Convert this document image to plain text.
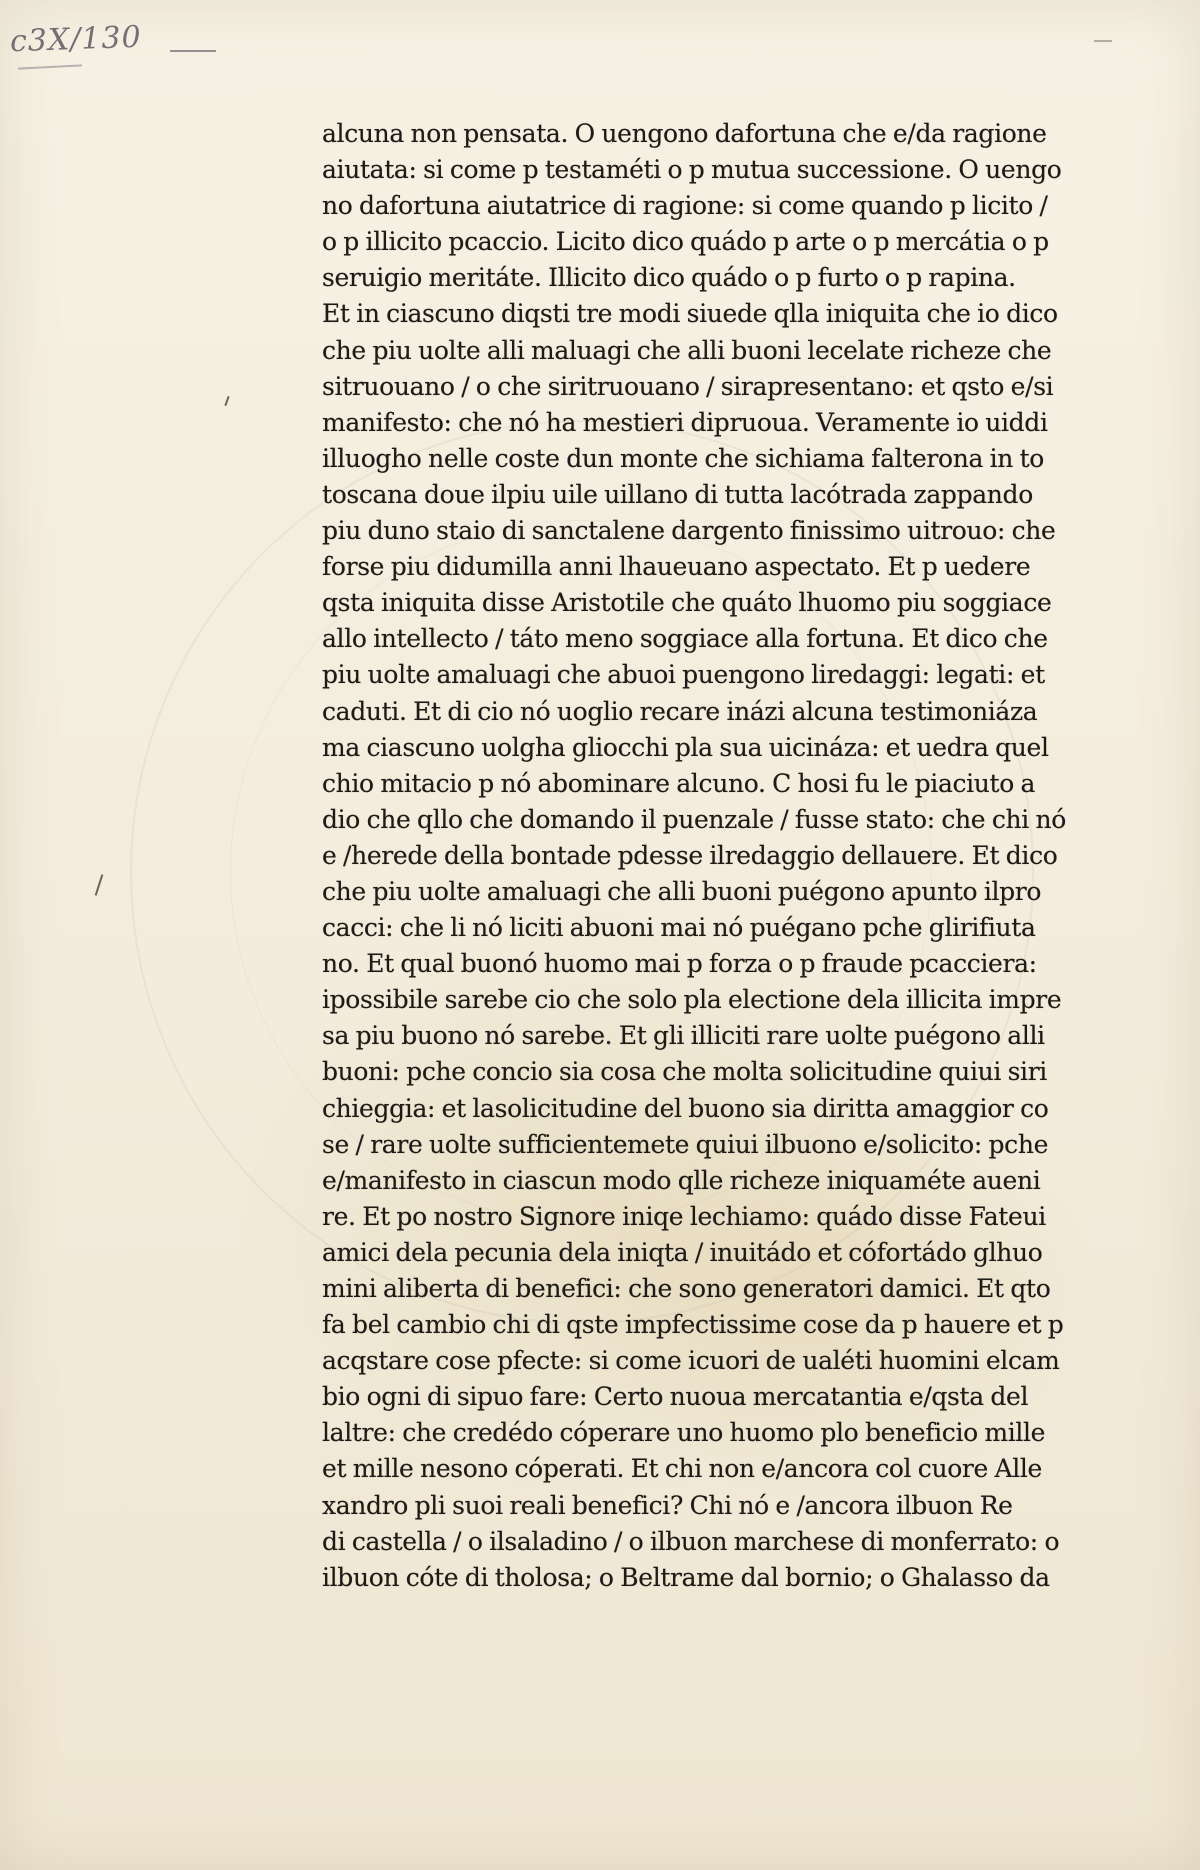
c3X/130
alcuna non pensata. O uengono dafortuna che e/da ragione
aiutata: si come p testaméti o p mutua successione. O uengo
no dafortuna aiutatrice di ragione: si come quando p licito /
o p illicito pcaccio. Licito dico quádo p arte o p mercátia o p
seruigio meritáte. Illicito dico quádo o p furto o p rapina.
Et in ciascuno diqsti tre modi siuede qlla iniquita che io dico
che piu uolte alli maluagi che alli buoni lecelate richeze che
sitruouano / o che siritruouano / sirapresentano: et qsto e/si
manifesto: che nó ha mestieri dipruoua. Veramente io uiddi
illuogho nelle coste dun monte che sichiama falterona in to
toscana doue ilpiu uile uillano di tutta lacótrada zappando
piu duno staio di sanctalene dargento finissimo uitrouo: che
forse piu didumilla anni lhaueuano aspectato. Et p uedere
qsta iniquita disse Aristotile che quáto lhuomo piu soggiace
allo intellecto / táto meno soggiace alla fortuna. Et dico che
piu uolte amaluagi che abuoi puengono liredaggi: legati: et
caduti. Et di cio nó uoglio recare inázi alcuna testimoniáza
ma ciascuno uolgha gliocchi pla sua uicináza: et uedra quel
chio mitacio p nó abominare alcuno. C hosi fu le piaciuto a
dio che qllo che domando il puenzale / fusse stato: che chi nó
e /herede della bontade pdesse ilredaggio dellauere. Et dico
che piu uolte amaluagi che alli buoni puégono apunto ilpro
cacci: che li nó liciti abuoni mai nó puégano pche glirifiuta
no. Et qual buonó huomo mai p forza o p fraude pcacciera:
ipossibile sarebe cio che solo pla electione dela illicita impre
sa piu buono nó sarebe. Et gli illiciti rare uolte puégono alli
buoni: pche concio sia cosa che molta solicitudine quiui siri
chieggia: et lasolicitudine del buono sia diritta amaggior co
se / rare uolte sufficientemete quiui ilbuono e/solicito: pche
e/manifesto in ciascun modo qlle richeze iniquaméte aueni
re. Et po nostro Signore iniqe lechiamo: quádo disse Fateui
amici dela pecunia dela iniqta / inuitádo et cófortádo glhuo
mini aliberta di benefici: che sono generatori damici. Et qto
fa bel cambio chi di qste impfectissime cose da p hauere et p
acqstare cose pfecte: si come icuori de ualéti huomini elcam
bio ogni di sipuo fare: Certo nuoua mercatantia e/qsta del
laltre: che credédo cóperare uno huomo plo beneficio mille
et mille nesono cóperati. Et chi non e/ancora col cuore Alle
xandro pli suoi reali benefici? Chi nó e /ancora ilbuon Re
di castella / o ilsaladino / o ilbuon marchese di monferrato: o
ilbuon cóte di tholosa; o Beltrame dal bornio; o Ghalasso da
